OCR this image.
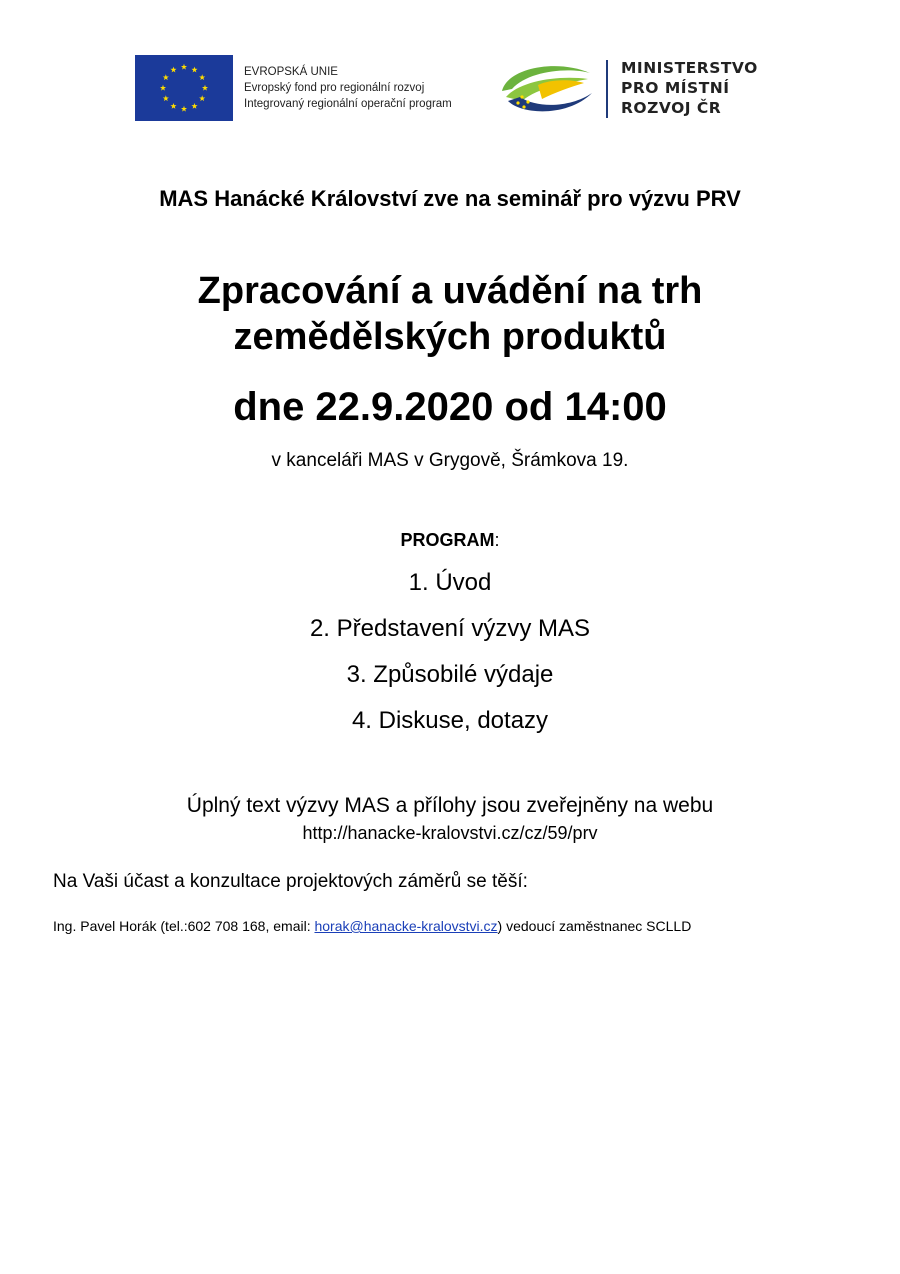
EVROPSKÁ UNIE
Evropský fond pro regionální rozvoj
Integrovaný regionální operační program
MINISTERSTVO
PRO MÍSTNÍ
ROZVOJ ČR
MAS Hanácké Království zve na seminář pro výzvu PRV
Zpracování a uvádění na trh
zemědělských produktů
dne 22.9.2020 od 14:00
v kanceláři MAS v Grygově, Šrámkova 19.
PROGRAM:
1. Úvod
2. Představení výzvy MAS
3. Způsobilé výdaje
4. Diskuse, dotazy
Úplný text výzvy MAS a přílohy jsou zveřejněny na webu
http://hanacke-kralovstvi.cz/cz/59/prv
Na Vaši účast a konzultace projektových záměrů se těší:
Ing. Pavel Horák (tel.:602 708 168, email: horak@hanacke-kralovstvi.cz) vedoucí zaměstnanec SCLLD
